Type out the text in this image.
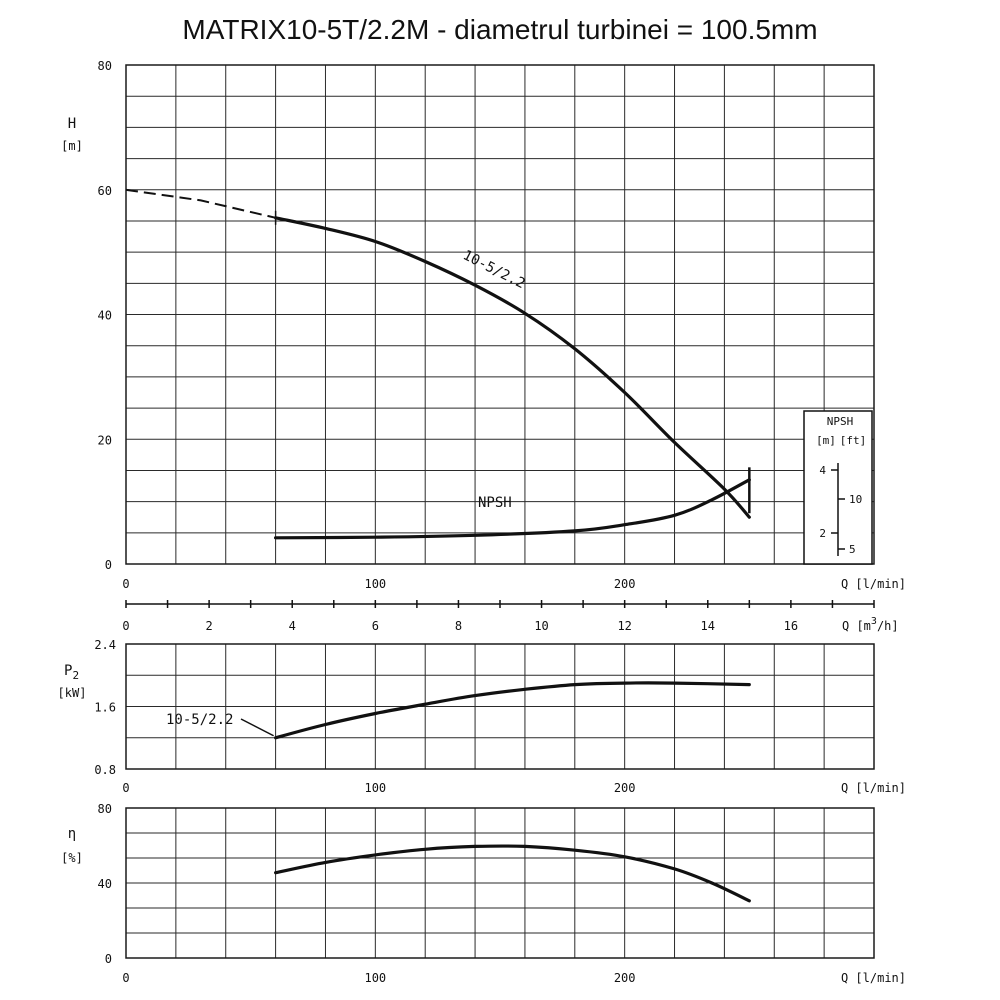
MATRIX10-5T/2.2M - diametrul turbinei = 100.5mm
0
20
40
60
80
0	100	200
H
[m]
Q [l/min]
10-5/2.2
NPSH
NPSH
[m] [ft]
4
2
10
5
0	2	4	6	8	10	12	14	16	Q $[m^3/h]$
0.8
1.6
2.4
0	100	200
$P_2$
[kW]
Q [l/min]
10-5/2.2
0
40
80
0	100	200
η
[%]
Q [l/min]
